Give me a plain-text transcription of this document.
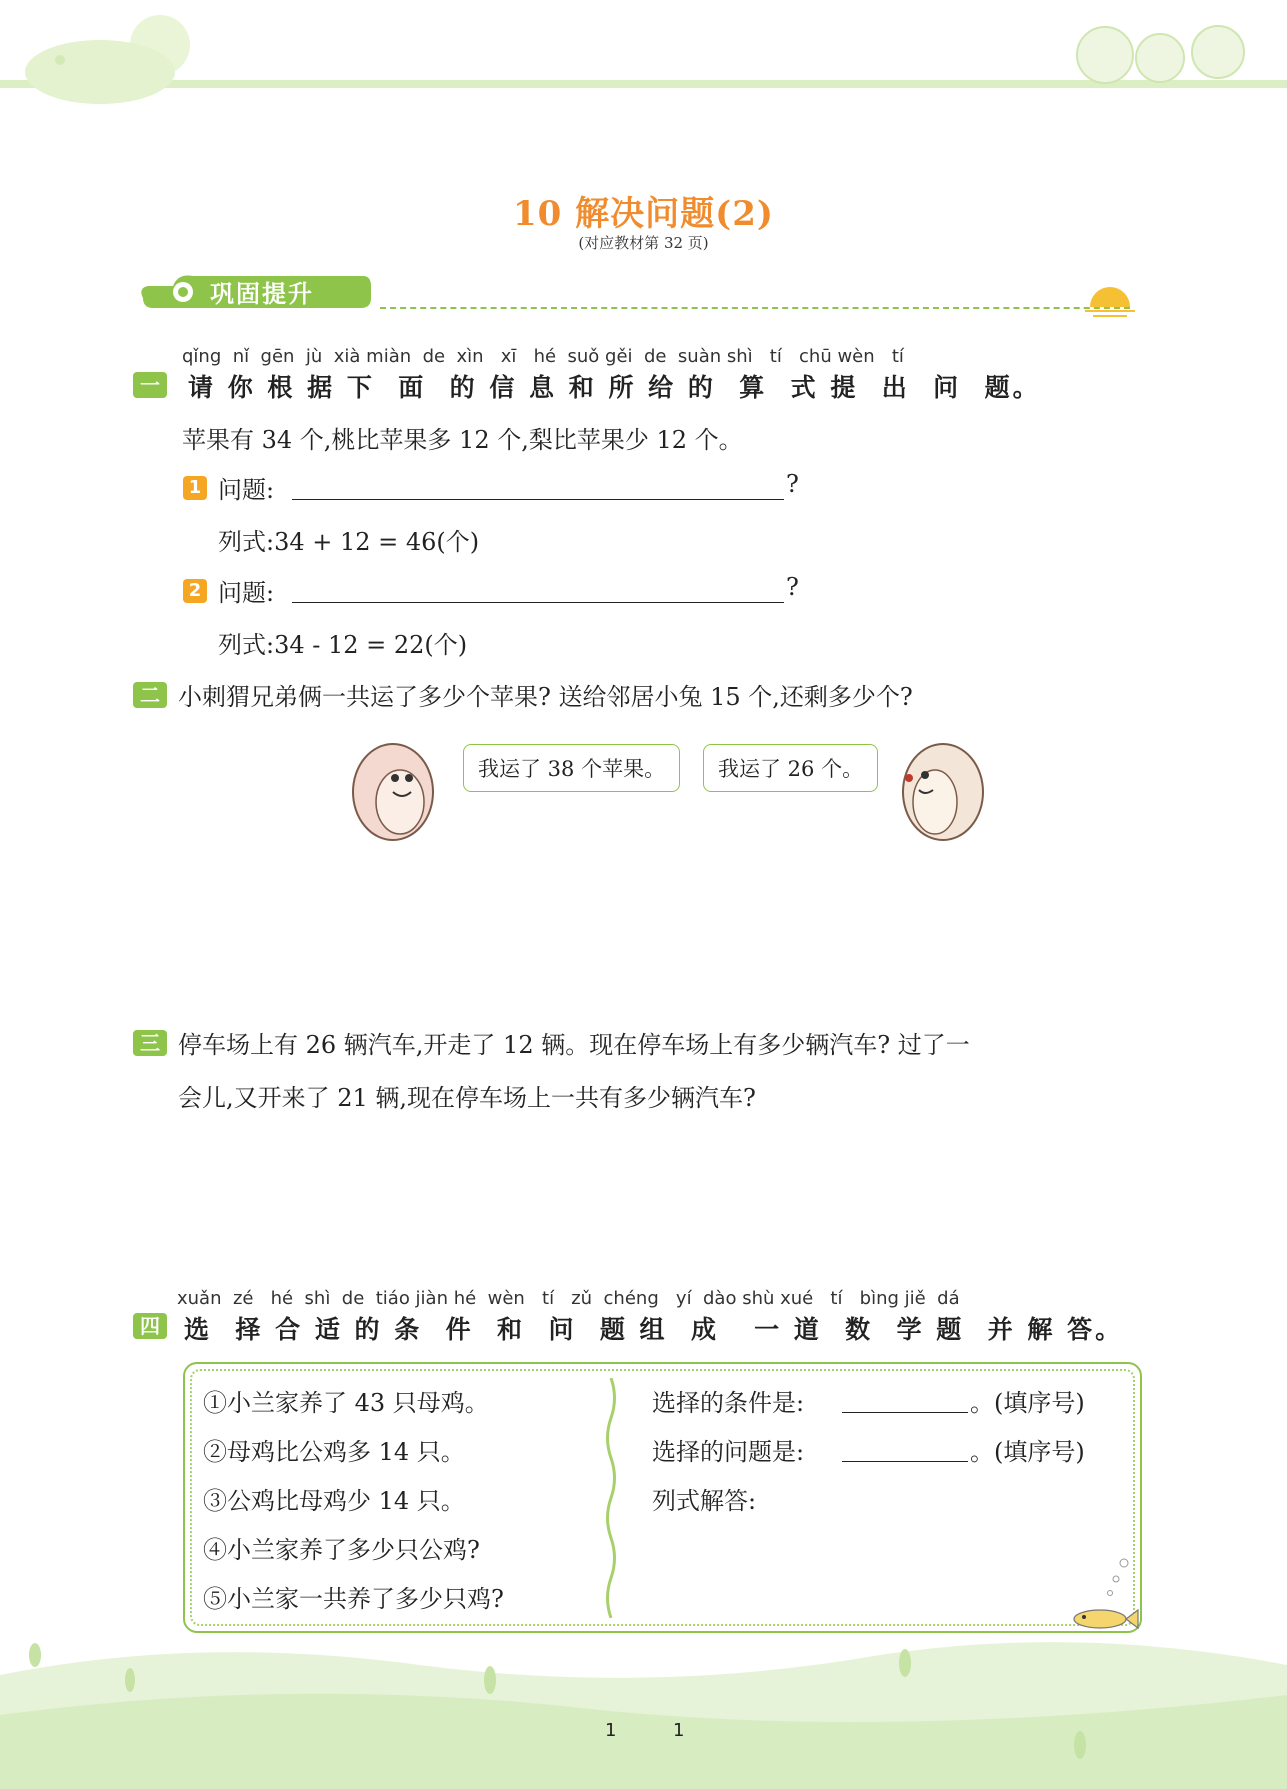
10 解决问题(2)
(对应教材第 32 页)
巩固提升
qǐng  nǐ  gēn  jù  xià miàn  de  xìn   xī   hé  suǒ gěi  de  suàn shì   tí   chū wèn   tí
一 请 你 根 据 下  面  的 信 息 和 所 给 的  算  式 提  出  问  题。
苹果有 34 个,桃比苹果多 12 个,梨比苹果少 12 个。
1 问题:	?
列式:34 + 12 = 46(个)
2 问题:	?
列式:34 - 12 = 22(个)
二 小刺猬兄弟俩一共运了多少个苹果? 送给邻居小兔 15 个,还剩多少个?
我运了 38 个苹果。	我运了 26 个。
三 停车场上有 26 辆汽车,开走了 12 辆。现在停车场上有多少辆汽车? 过了一
会儿,又开来了 21 辆,现在停车场上一共有多少辆汽车?
xuǎn  zé   hé  shì  de  tiáo jiàn hé  wèn   tí   zǔ  chéng   yí  dào shù xué   tí   bìng jiě  dá
四 选  择 合 适 的 条  件  和  问  题 组  成   一 道  数  学 题  并 解 答。
①小兰家养了 43 只母鸡。
②母鸡比公鸡多 14 只。
③公鸡比母鸡少 14 只。
④小兰家养了多少只公鸡?
⑤小兰家一共养了多少只鸡?
选择的条件是:	。(填序号)
选择的问题是:	。(填序号)
列式解答:
1	1
